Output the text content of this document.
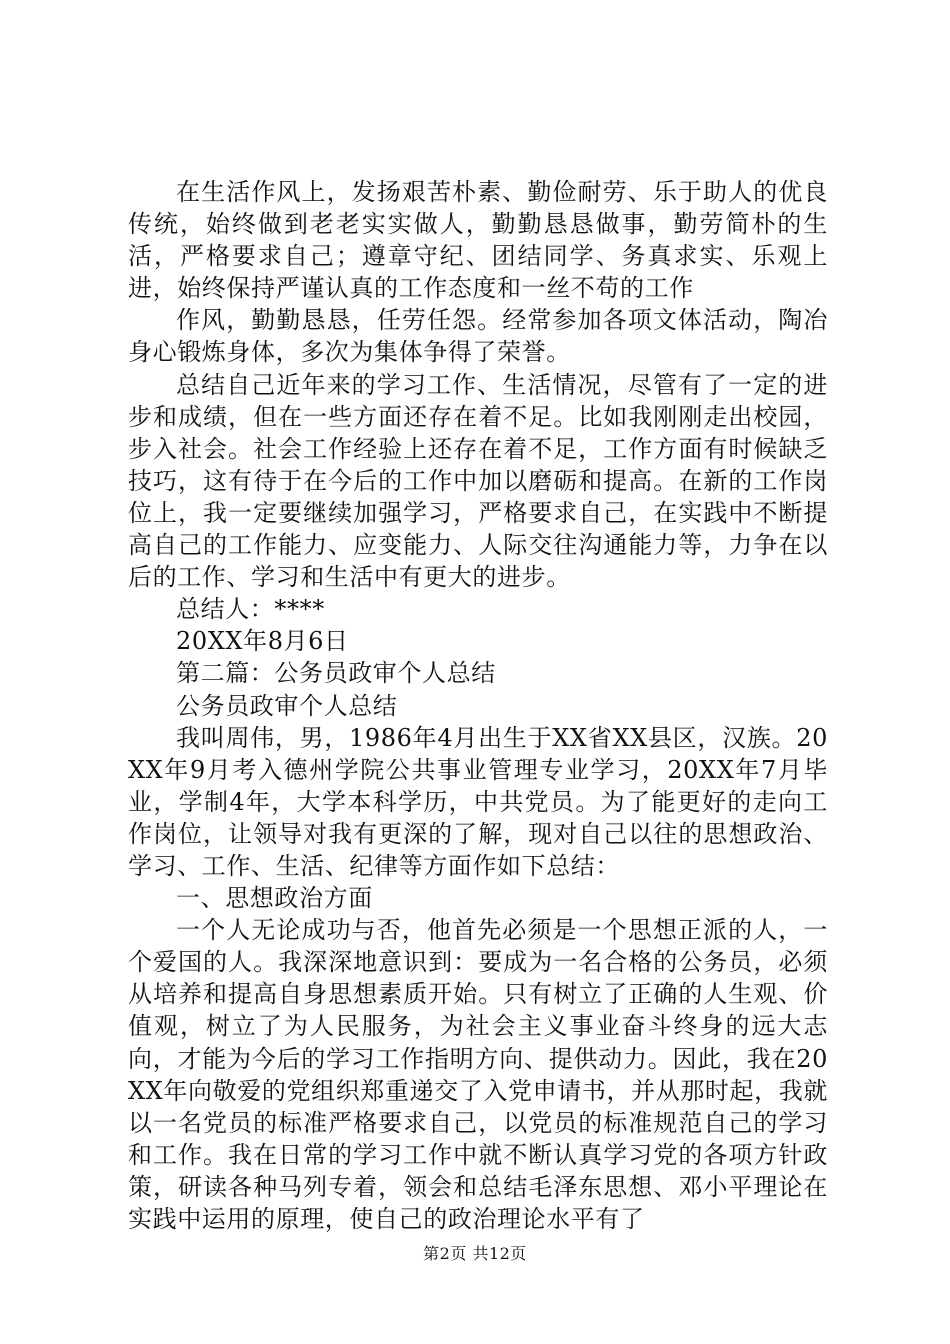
在生活作风上，发扬艰苦朴素、勤俭耐劳、乐于助人的优良传统，始终做到老老实实做人，勤勤恳恳做事，勤劳简朴的生活，严格要求自己；遵章守纪、团结同学、务真求实、乐观上进，始终保持严谨认真的工作态度和一丝不苟的工作

作风，勤勤恳恳，任劳任怨。经常参加各项文体活动，陶冶身心锻炼身体，多次为集体争得了荣誉。

总结自己近年来的学习工作、生活情况，尽管有了一定的进步和成绩，但在一些方面还存在着不足。比如我刚刚走出校园，步入社会。社会工作经验上还存在着不足，工作方面有时候缺乏技巧，这有待于在今后的工作中加以磨砺和提高。在新的工作岗位上，我一定要继续加强学习，严格要求自己，在实践中不断提高自己的工作能力、应变能力、人际交往沟通能力等，力争在以后的工作、学习和生活中有更大的进步。

总结人：****

20XX年8月6日

第二篇：公务员政审个人总结

公务员政审个人总结

我叫周伟，男，1986年4月出生于XX省XX县区，汉族。20XX年9月考入德州学院公共事业管理专业学习，20XX年7月毕业，学制4年，大学本科学历，中共党员。为了能更好的走向工作岗位，让领导对我有更深的了解，现对自己以往的思想政治、学习、工作、生活、纪律等方面作如下总结：

一、思想政治方面

一个人无论成功与否，他首先必须是一个思想正派的人，一个爱国的人。我深深地意识到：要成为一名合格的公务员，必须从培养和提高自身思想素质开始。只有树立了正确的人生观、价值观，树立了为人民服务，为社会主义事业奋斗终身的远大志向，才能为今后的学习工作指明方向、提供动力。因此，我在20XX年向敬爱的党组织郑重递交了入党申请书，并从那时起，我就以一名党员的标准严格要求自己，以党员的标准规范自己的学习和工作。我在日常的学习工作中就不断认真学习党的各项方针政策，研读各种马列专着，领会和总结毛泽东思想、邓小平理论在实践中运用的原理，使自己的政治理论水平有了

第2页 共12页
